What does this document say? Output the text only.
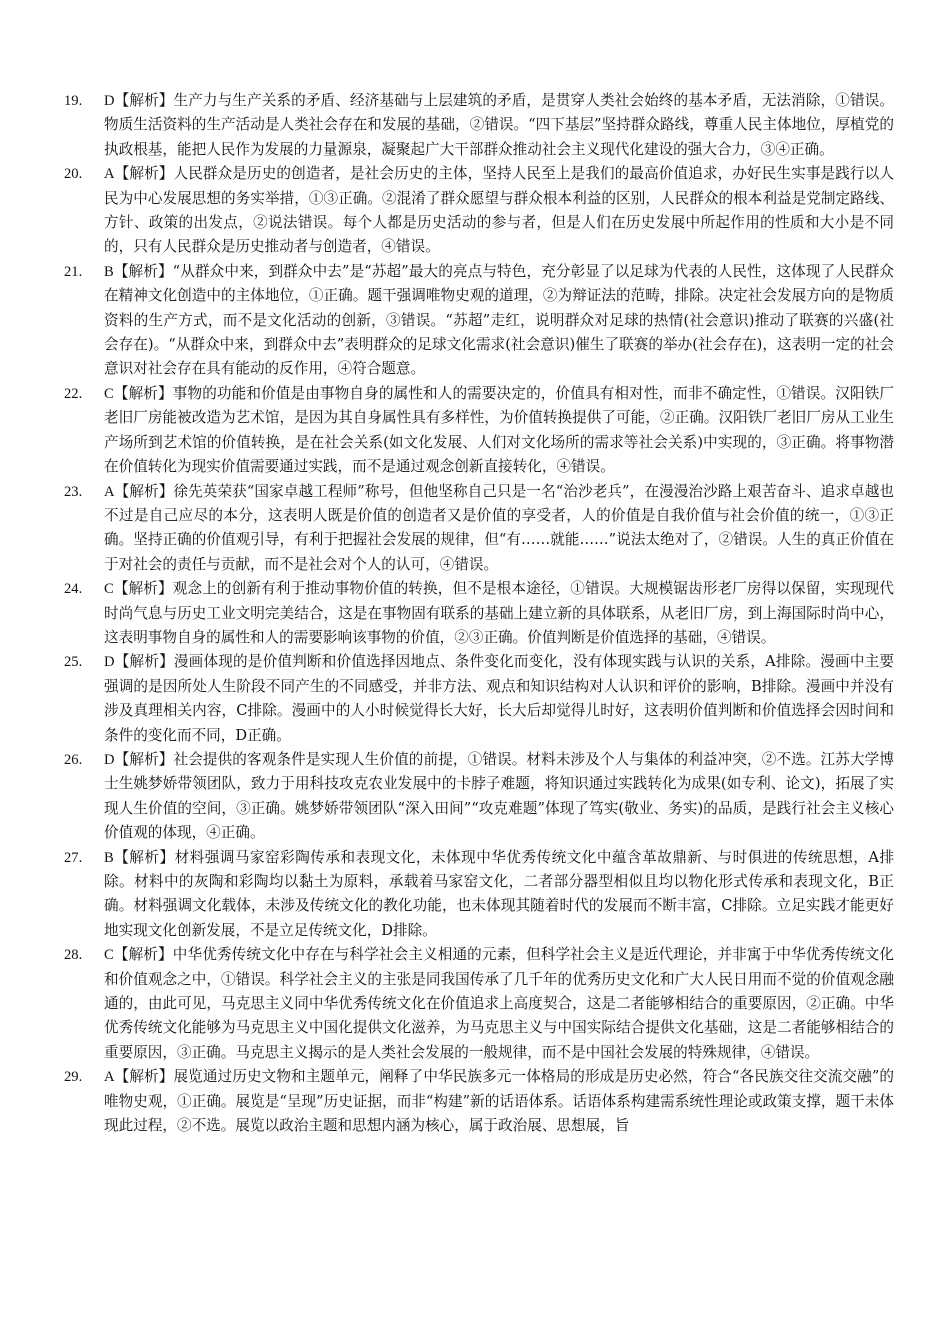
19. D【解析】生产力与生产关系的矛盾、经济基础与上层建筑的矛盾，是贯穿人类社会始终的基本矛盾，无法消除，①错误。物质生活资料的生产活动是人类社会存在和发展的基础，②错误。“四下基层”坚持群众路线，尊重人民主体地位，厚植党的执政根基，能把人民作为发展的力量源泉，凝聚起广大干部群众推动社会主义现代化建设的强大合力，③④正确。

20. A【解析】人民群众是历史的创造者，是社会历史的主体，坚持人民至上是我们的最高价值追求，办好民生实事是践行以人民为中心发展思想的务实举措，①③正确。②混淆了群众愿望与群众根本利益的区别，人民群众的根本利益是党制定路线、方针、政策的出发点，②说法错误。每个人都是历史活动的参与者，但是人们在历史发展中所起作用的性质和大小是不同的，只有人民群众是历史推动者与创造者，④错误。

21. B【解析】“从群众中来，到群众中去”是“苏超”最大的亮点与特色，充分彰显了以足球为代表的人民性，这体现了人民群众在精神文化创造中的主体地位，①正确。题干强调唯物史观的道理，②为辩证法的范畴，排除。决定社会发展方向的是物质资料的生产方式，而不是文化活动的创新，③错误。“苏超”走红，说明群众对足球的热情(社会意识)推动了联赛的兴盛(社会存在)。“从群众中来，到群众中去”表明群众的足球文化需求(社会意识)催生了联赛的举办(社会存在)，这表明一定的社会意识对社会存在具有能动的反作用，④符合题意。

22. C【解析】事物的功能和价值是由事物自身的属性和人的需要决定的，价值具有相对性，而非不确定性，①错误。汉阳铁厂老旧厂房能被改造为艺术馆，是因为其自身属性具有多样性，为价值转换提供了可能，②正确。汉阳铁厂老旧厂房从工业生产场所到艺术馆的价值转换，是在社会关系(如文化发展、人们对文化场所的需求等社会关系)中实现的，③正确。将事物潜在价值转化为现实价值需要通过实践，而不是通过观念创新直接转化，④错误。

23. A【解析】徐先英荣获“国家卓越工程师”称号，但他坚称自己只是一名“治沙老兵”，在漫漫治沙路上艰苦奋斗、追求卓越也不过是自己应尽的本分，这表明人既是价值的创造者又是价值的享受者，人的价值是自我价值与社会价值的统一，①③正确。坚持正确的价值观引导，有利于把握社会发展的规律，但“有……就能……”说法太绝对了，②错误。人生的真正价值在于对社会的责任与贡献，而不是社会对个人的认可，④错误。

24. C【解析】观念上的创新有利于推动事物价值的转换，但不是根本途径，①错误。大规模锯齿形老厂房得以保留，实现现代时尚气息与历史工业文明完美结合，这是在事物固有联系的基础上建立新的具体联系，从老旧厂房，到上海国际时尚中心，这表明事物自身的属性和人的需要影响该事物的价值，②③正确。价值判断是价值选择的基础，④错误。

25. D【解析】漫画体现的是价值判断和价值选择因地点、条件变化而变化，没有体现实践与认识的关系，A排除。漫画中主要强调的是因所处人生阶段不同产生的不同感受，并非方法、观点和知识结构对人认识和评价的影响，B排除。漫画中并没有涉及真理相关内容，C排除。漫画中的人小时候觉得长大好，长大后却觉得儿时好，这表明价值判断和价值选择会因时间和条件的变化而不同，D正确。

26. D【解析】社会提供的客观条件是实现人生价值的前提，①错误。材料未涉及个人与集体的利益冲突，②不选。江苏大学博士生姚梦娇带领团队，致力于用科技攻克农业发展中的卡脖子难题，将知识通过实践转化为成果(如专利、论文)，拓展了实现人生价值的空间，③正确。姚梦娇带领团队“深入田间”“攻克难题”体现了笃实(敬业、务实)的品质，是践行社会主义核心价值观的体现，④正确。

27. B【解析】材料强调马家窑彩陶传承和表现文化，未体现中华优秀传统文化中蕴含革故鼎新、与时俱进的传统思想，A排除。材料中的灰陶和彩陶均以黏土为原料，承载着马家窑文化，二者部分器型相似且均以物化形式传承和表现文化，B正确。材料强调文化载体，未涉及传统文化的教化功能，也未体现其随着时代的发展而不断丰富，C排除。立足实践才能更好地实现文化创新发展，不是立足传统文化，D排除。

28. C【解析】中华优秀传统文化中存在与科学社会主义相通的元素，但科学社会主义是近代理论，并非寓于中华优秀传统文化和价值观念之中，①错误。科学社会主义的主张是同我国传承了几千年的优秀历史文化和广大人民日用而不觉的价值观念融通的，由此可见，马克思主义同中华优秀传统文化在价值追求上高度契合，这是二者能够相结合的重要原因，②正确。中华优秀传统文化能够为马克思主义中国化提供文化滋养，为马克思主义与中国实际结合提供文化基础，这是二者能够相结合的重要原因，③正确。马克思主义揭示的是人类社会发展的一般规律，而不是中国社会发展的特殊规律，④错误。

29. A【解析】展览通过历史文物和主题单元，阐释了中华民族多元一体格局的形成是历史必然，符合“各民族交往交流交融”的唯物史观，①正确。展览是“呈现”历史证据，而非“构建”新的话语体系。话语体系构建需系统性理论或政策支撑，题干未体现此过程，②不选。展览以政治主题和思想内涵为核心，属于政治展、思想展，旨
